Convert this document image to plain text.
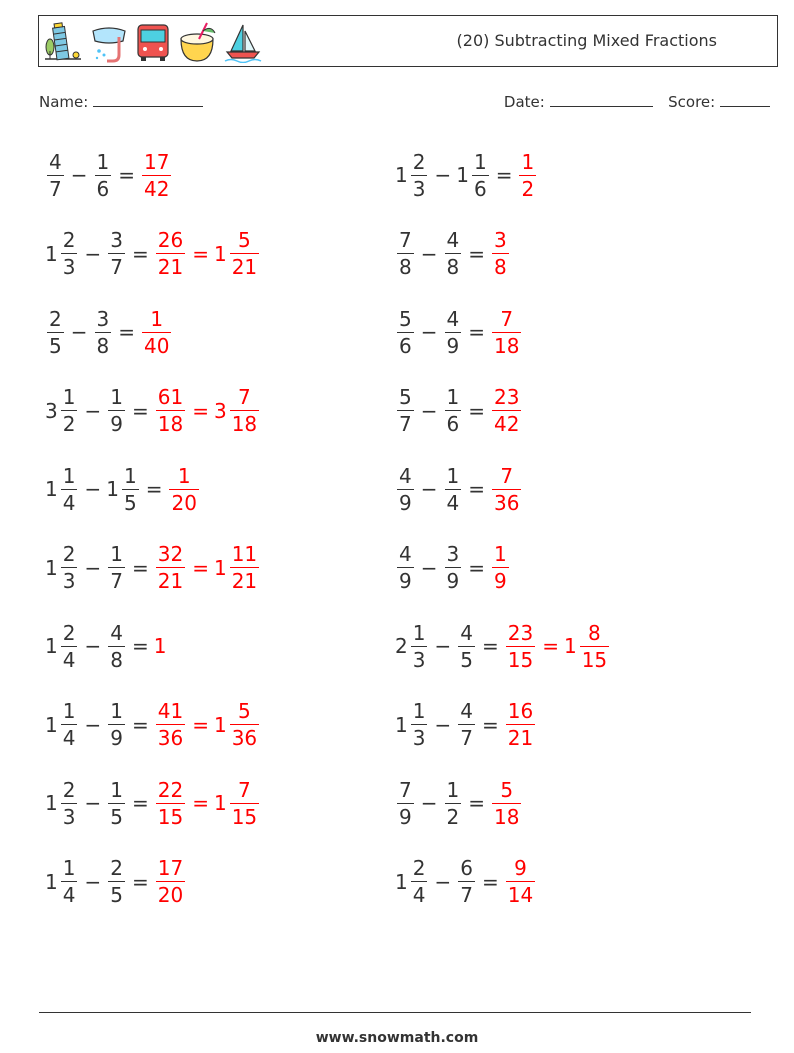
(20) Subtracting Mixed Fractions
Name:	Date:	Score:
$\frac{4}{7} - \frac{1}{6} = \frac{17}{42}$	$1 \frac{2}{3} - 1 \frac{1}{6} = \frac{1}{2}$
$1 \frac{2}{3} - \frac{3}{7} = \frac{26}{21} = 1 \frac{5}{21}$	$\frac{7}{8} - \frac{4}{8} = \frac{3}{8}$
$\frac{2}{5} - \frac{3}{8} = \frac{1}{40}$	$\frac{5}{6} - \frac{4}{9} = \frac{7}{18}$
$3 \frac{1}{2} - \frac{1}{9} = \frac{61}{18} = 3 \frac{7}{18}$	$\frac{5}{7} - \frac{1}{6} = \frac{23}{42}$
$1 \frac{1}{4} - 1 \frac{1}{5} = \frac{1}{20}$	$\frac{4}{9} - \frac{1}{4} = \frac{7}{36}$
$1 \frac{2}{3} - \frac{1}{7} = \frac{32}{21} = 1 \frac{11}{21}$	$\frac{4}{9} - \frac{3}{9} = \frac{1}{9}$
$1 \frac{2}{4} - \frac{4}{8} = 1$	$2 \frac{1}{3} - \frac{4}{5} = \frac{23}{15} = 1 \frac{8}{15}$
$1 \frac{1}{4} - \frac{1}{9} = \frac{41}{36} = 1 \frac{5}{36}$	$1 \frac{1}{3} - \frac{4}{7} = \frac{16}{21}$
$1 \frac{2}{3} - \frac{1}{5} = \frac{22}{15} = 1 \frac{7}{15}$	$\frac{7}{9} - \frac{1}{2} = \frac{5}{18}$
$1 \frac{1}{4} - \frac{2}{5} = \frac{17}{20}$	$1 \frac{2}{4} - \frac{6}{7} = \frac{9}{14}$
www.snowmath.com
